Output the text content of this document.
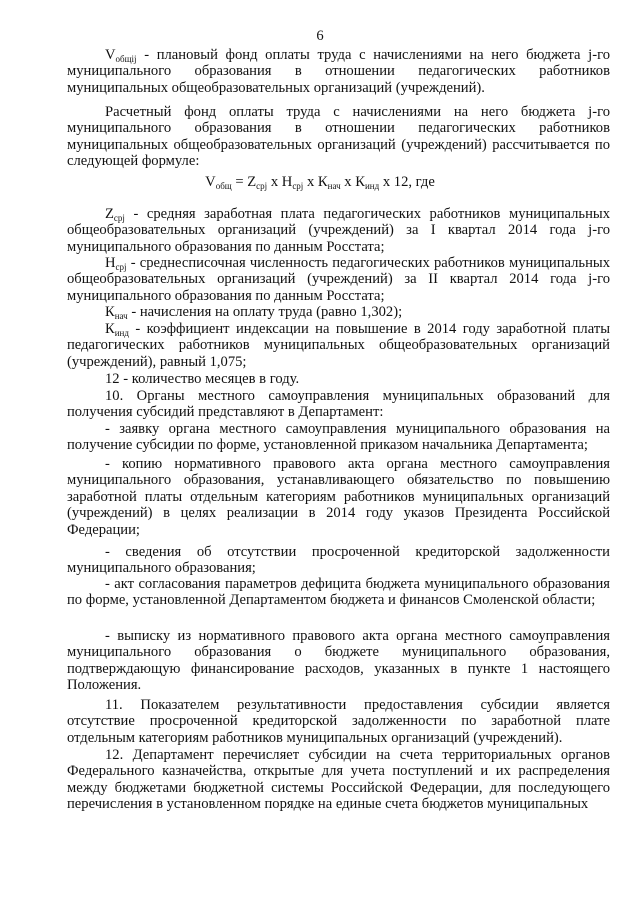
6
$V_{общij}$ - плановый фонд оплаты труда с начислениями на него бюджета j-го муниципального образования в отношении педагогических работников муниципальных общеобразовательных организаций (учреждений).
Расчетный фонд оплаты труда с начислениями на него бюджета j-го муниципального образования в отношении педагогических работников муниципальных общеобразовательных организаций (учреждений) рассчитывается по следующей формуле:
$V_{общ} = Z_{срj}$ х $Н_{срj}$ х $К_{нач}$ х $К_{инд}$ х 12, где
$Z_{срj}$ - средняя заработная плата педагогических работников муниципальных общеобразовательных организаций (учреждений) за I квартал 2014 года j-го муниципального образования по данным Росстата;
$Н_{срj}$ - среднесписочная численность педагогических работников муниципальных общеобразовательных организаций (учреждений) за II квартал 2014 года j-го муниципального образования по данным Росстата;
$К_{нач}$ - начисления на оплату труда (равно 1,302);
$К_{инд}$ - коэффициент индексации на повышение в 2014 году заработной платы педагогических работников муниципальных общеобразовательных организаций (учреждений), равный 1,075;
12 - количество месяцев в году.
10. Органы местного самоуправления муниципальных образований для получения субсидий представляют в Департамент:
- заявку органа местного самоуправления муниципального образования на получение субсидии по форме, установленной приказом начальника Департамента;
- копию нормативного правового акта органа местного самоуправления муниципального образования, устанавливающего обязательство по повышению заработной платы отдельным категориям работников муниципальных организаций (учреждений) в целях реализации в 2014 году указов Президента Российской Федерации;
- сведения об отсутствии просроченной кредиторской задолженности муниципального образования;
- акт согласования параметров дефицита бюджета муниципального образования по форме, установленной Департаментом бюджета и финансов Смоленской области;
- выписку из нормативного правового акта органа местного самоуправления муниципального образования о бюджете муниципального образования, подтверждающую финансирование расходов, указанных в пункте 1 настоящего Положения.
11. Показателем результативности предоставления субсидии является отсутствие просроченной кредиторской задолженности по заработной плате отдельным категориям работников муниципальных организаций (учреждений).
12. Департамент перечисляет субсидии на счета территориальных органов Федерального казначейства, открытые для учета поступлений и их распределения между бюджетами бюджетной системы Российской Федерации, для последующего перечисления в установленном порядке на единые счета бюджетов муниципальных
